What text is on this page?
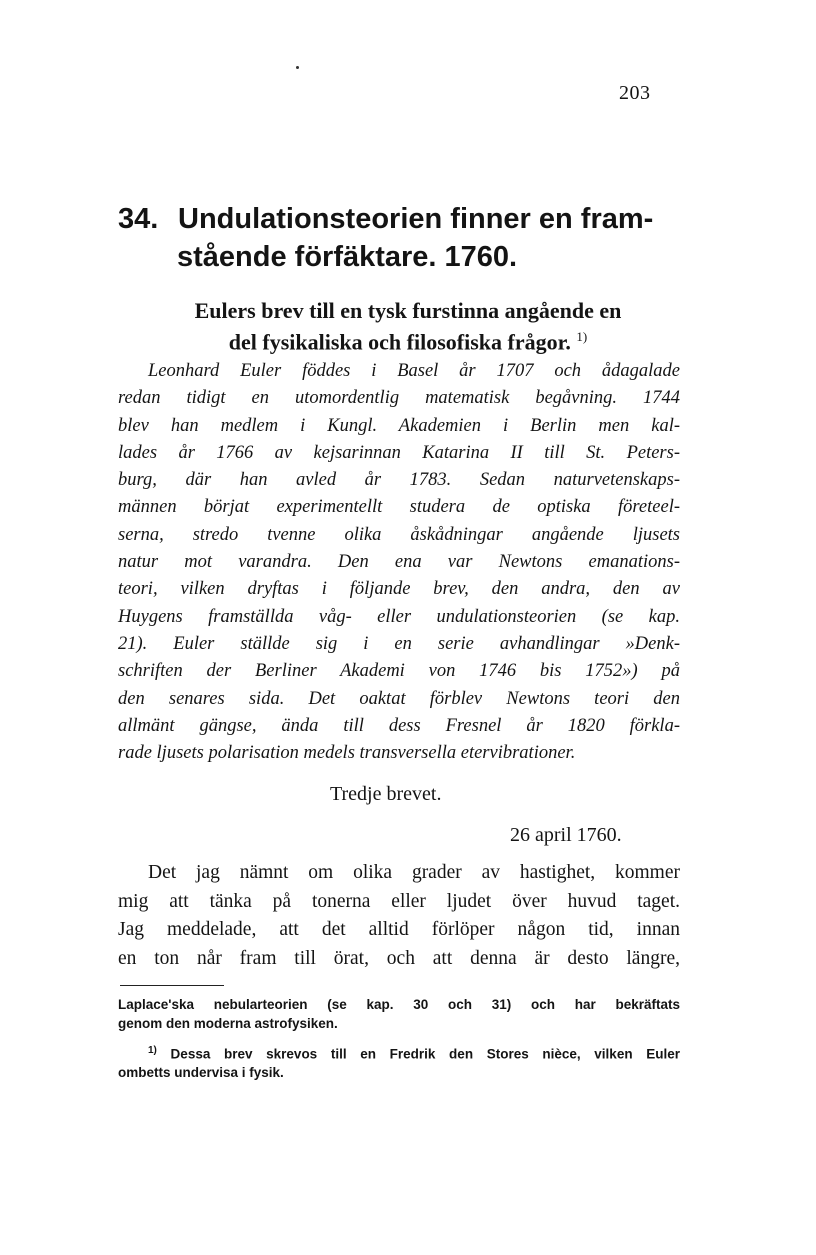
203
34. Undulationsteorien finner en fram-
stående förfäktare. 1760.
Eulers brev till en tysk furstinna angående en
del fysikaliska och filosofiska frågor. $^{1)}$
Leonhard Euler föddes i Basel år 1707 och ådagalade
redan tidigt en utomordentlig matematisk begåvning. 1744
blev han medlem i Kungl. Akademien i Berlin men kal-
lades år 1766 av kejsarinnan Katarina II till St. Peters-
burg, där han avled år 1783. Sedan naturvetenskaps-
männen börjat experimentellt studera de optiska företeel-
serna, stredo tvenne olika åskådningar angående ljusets
natur mot varandra. Den ena var Newtons emanations-
teori, vilken dryftas i följande brev, den andra, den av
Huygens framställda våg- eller undulationsteorien (se kap.
21). Euler ställde sig i en serie avhandlingar »Denk-
schriften der Berliner Akademi von 1746 bis 1752») på
den senares sida. Det oaktat förblev Newtons teori den
allmänt gängse, ända till dess Fresnel år 1820 förkla-
rade ljusets polarisation medels transversella etervibrationer.
Tredje brevet.
26 april 1760.
Det jag nämnt om olika grader av hastighet, kommer
mig att tänka på tonerna eller ljudet över huvud taget.
Jag meddelade, att det alltid förlöper någon tid, innan
en ton når fram till örat, och att denna är desto längre,
Laplace'ska nebularteorien (se kap. 30 och 31) och har bekräftats
genom den moderna astrofysiken.
$^{1)}$ Dessa brev skrevos till en Fredrik den Stores nièce, vilken Euler
ombetts undervisa i fysik.
